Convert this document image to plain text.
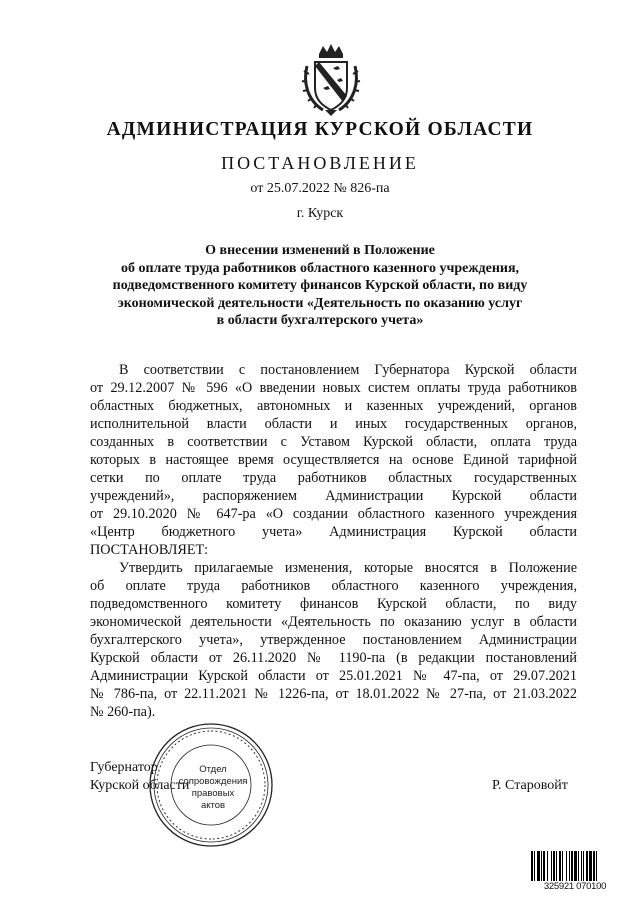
АДМИНИСТРАЦИЯ КУРСКОЙ ОБЛАСТИ
ПОСТАНОВЛЕНИЕ
от 25.07.2022 № 826-па
г. Курск
О внесении изменений в Положение
об оплате труда работников областного казенного учреждения,
подведомственного комитету финансов Курской области, по виду
экономической деятельности «Деятельность по оказанию услуг
в области бухгалтерского учета»
В соответствии с постановлением Губернатора Курской области
от 29.12.2007 № 596 «О введении новых систем оплаты труда работников
областных бюджетных, автономных и казенных учреждений, органов
исполнительной власти области и иных государственных органов,
созданных в соответствии с Уставом Курской области, оплата труда
которых в настоящее время осуществляется на основе Единой тарифной
сетки по оплате труда работников областных государственных
учреждений», распоряжением Администрации Курской области
от 29.10.2020 № 647-ра «О создании областного казенного учреждения
«Центр бюджетного учета» Администрация Курской области
ПОСТАНОВЛЯЕТ:
Утвердить прилагаемые изменения, которые вносятся в Положение
об оплате труда работников областного казенного учреждения,
подведомственного комитету финансов Курской области, по виду
экономической деятельности «Деятельность по оказанию услуг в области
бухгалтерского учета», утвержденное постановлением Администрации
Курской области от 26.11.2020 № 1190-па (в редакции постановлений
Администрации Курской области от 25.01.2021 № 47-па, от 29.07.2021
№ 786-па, от 22.11.2021 № 1226-па, от 18.01.2022 № 27-па, от 21.03.2022
№ 260-па).
Губернатор
Курской области	Р. Старовойт
Отдел
сопровождения
правовых
актов
325921 070100
